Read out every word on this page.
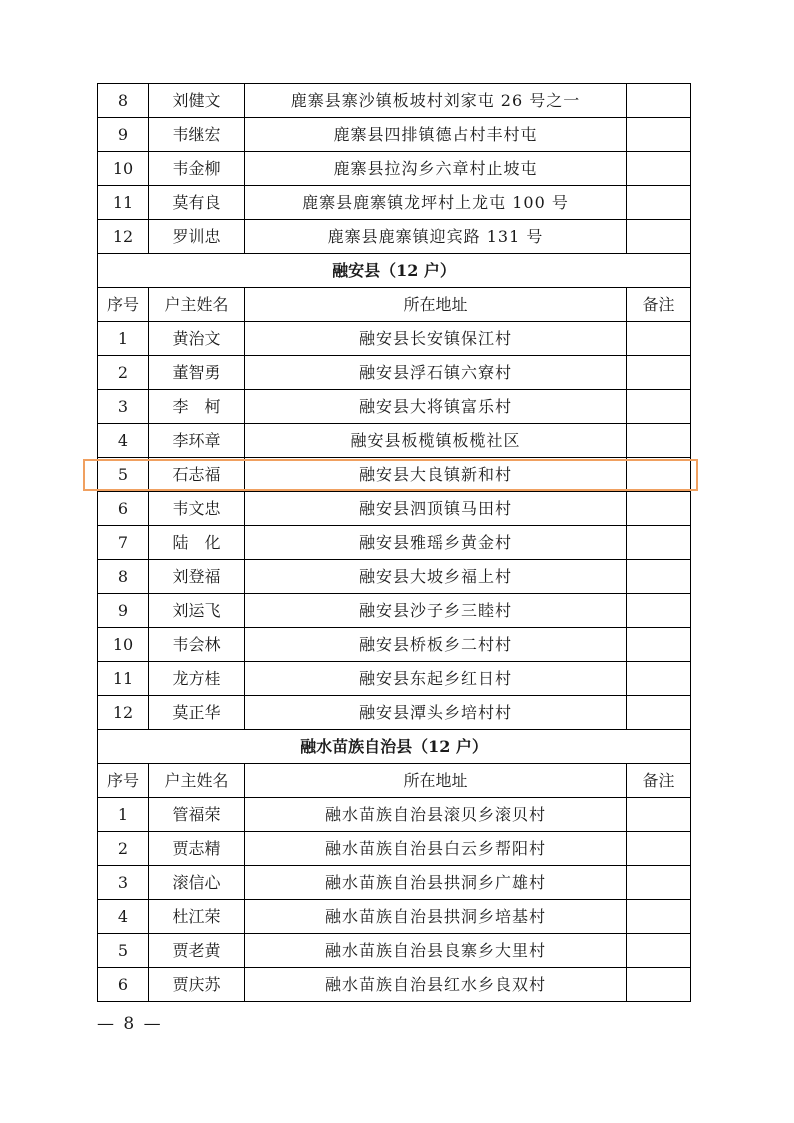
8	刘健文	鹿寨县寨沙镇板坡村刘家屯 26 号之一	
9	韦继宏	鹿寨县四排镇德占村丰村屯	
10	韦金柳	鹿寨县拉沟乡六章村止坡屯	
11	莫有良	鹿寨县鹿寨镇龙坪村上龙屯 100 号	
12	罗训忠	鹿寨县鹿寨镇迎宾路 131 号	
融安县（12 户）			
序号	户主姓名	所在地址	备注
1	黄治文	融安县长安镇保江村	
2	董智勇	融安县浮石镇六寮村	
3	李　柯	融安县大将镇富乐村	
4	李环章	融安县板榄镇板榄社区	
5	石志福	融安县大良镇新和村	
6	韦文忠	融安县泗顶镇马田村	
7	陆　化	融安县雅瑶乡黄金村	
8	刘登福	融安县大坡乡福上村	
9	刘运飞	融安县沙子乡三睦村	
10	韦会林	融安县桥板乡二村村	
11	龙方桂	融安县东起乡红日村	
12	莫正华	融安县潭头乡培村村	
融水苗族自治县（12 户）			
序号	户主姓名	所在地址	备注
1	管福荣	融水苗族自治县滚贝乡滚贝村	
2	贾志精	融水苗族自治县白云乡帮阳村	
3	滚信心	融水苗族自治县拱洞乡广雄村	
4	杜江荣	融水苗族自治县拱洞乡培基村	
5	贾老黄	融水苗族自治县良寨乡大里村	
6	贾庆苏	融水苗族自治县红水乡良双村	
— 8 —
